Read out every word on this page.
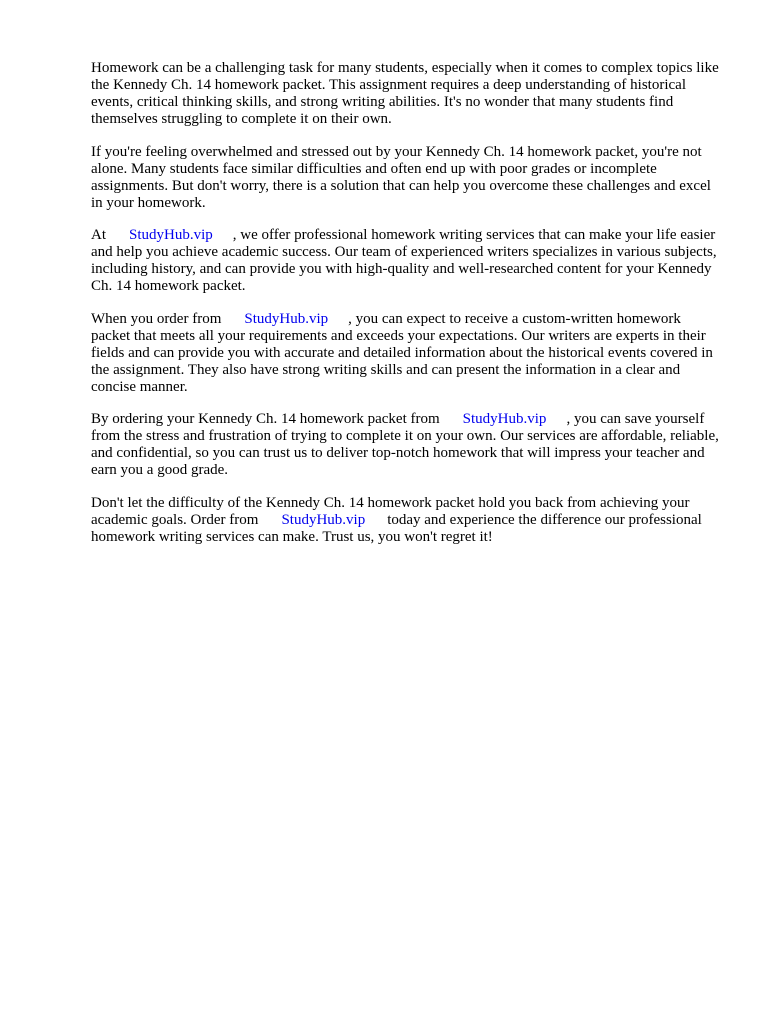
Homework can be a challenging task for many students, especially when it comes to complex topics like the Kennedy Ch. 14 homework packet. This assignment requires a deep understanding of historical events, critical thinking skills, and strong writing abilities. It's no wonder that many students find themselves struggling to complete it on their own.

If you're feeling overwhelmed and stressed out by your Kennedy Ch. 14 homework packet, you're not alone. Many students face similar difficulties and often end up with poor grades or incomplete assignments. But don't worry, there is a solution that can help you overcome these challenges and excel in your homework.

At StudyHub.vip , we offer professional homework writing services that can make your life easier and help you achieve academic success. Our team of experienced writers specializes in various subjects, including history, and can provide you with high-quality and well-researched content for your Kennedy Ch. 14 homework packet.

When you order from StudyHub.vip , you can expect to receive a custom-written homework packet that meets all your requirements and exceeds your expectations. Our writers are experts in their fields and can provide you with accurate and detailed information about the historical events covered in the assignment. They also have strong writing skills and can present the information in a clear and concise manner.

By ordering your Kennedy Ch. 14 homework packet from StudyHub.vip , you can save yourself from the stress and frustration of trying to complete it on your own. Our services are affordable, reliable, and confidential, so you can trust us to deliver top-notch homework that will impress your teacher and earn you a good grade.

Don't let the difficulty of the Kennedy Ch. 14 homework packet hold you back from achieving your academic goals. Order from StudyHub.vip today and experience the difference our professional homework writing services can make. Trust us, you won't regret it!
